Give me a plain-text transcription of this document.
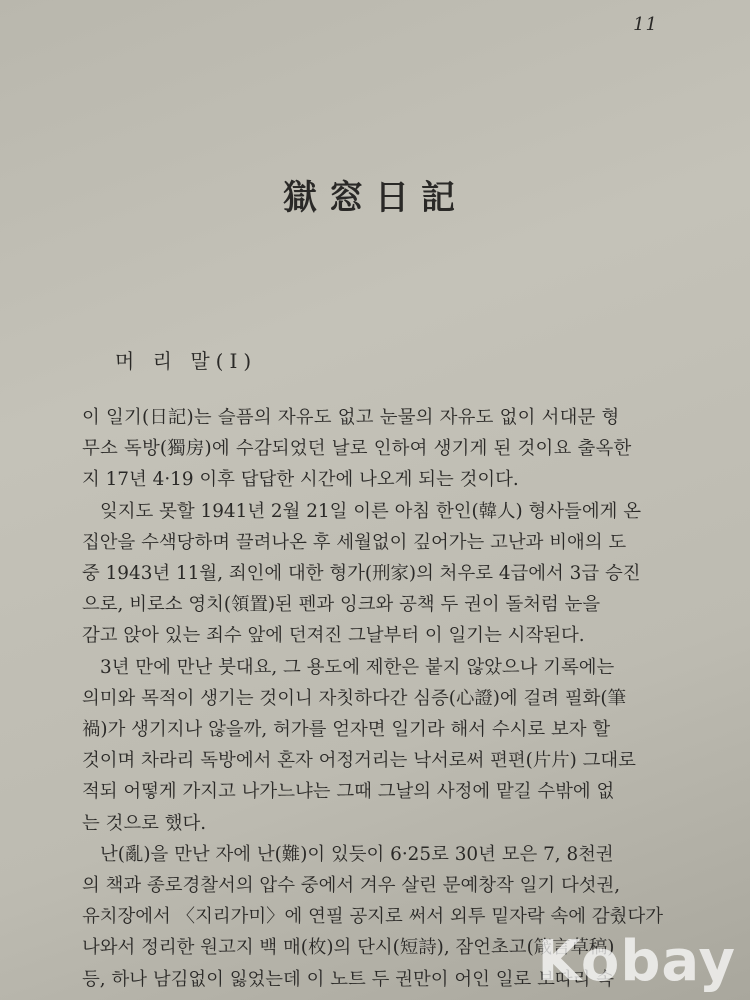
11
獄窓日記
머 리 말(I)
이 일기(日記)는 슬픔의 자유도 없고 눈물의 자유도 없이 서대문 형
무소 독방(獨房)에 수감되었던 날로 인하여 생기게 된 것이요 출옥한
지 17년 4·19 이후 답답한 시간에 나오게 되는 것이다.
잊지도 못할 1941년 2월 21일 이른 아침 한인(韓人) 형사들에게 온
집안을 수색당하며 끌려나온 후 세월없이 깊어가는 고난과 비애의 도
중 1943년 11월, 죄인에 대한 형가(刑家)의 처우로 4급에서 3급 승진
으로, 비로소 영치(領置)된 펜과 잉크와 공책 두 권이 돌처럼 눈을
감고 앉아 있는 죄수 앞에 던져진 그날부터 이 일기는 시작된다.
3년 만에 만난 붓대요, 그 용도에 제한은 붙지 않았으나 기록에는
의미와 목적이 생기는 것이니 자칫하다간 심증(心證)에 걸려 필화(筆
禍)가 생기지나 않을까, 허가를 얻자면 일기라 해서 수시로 보자 할
것이며 차라리 독방에서 혼자 어정거리는 낙서로써 편편(片片) 그대로
적되 어떻게 가지고 나가느냐는 그때 그날의 사정에 맡길 수밖에 없
는 것으로 했다.
난(亂)을 만난 자에 난(難)이 있듯이 6·25로 30년 모은 7, 8천권
의 책과 종로경찰서의 압수 중에서 겨우 살린 문예창작 일기 다섯권,
유치장에서 〈지리가미〉에 연필 공지로 써서 외투 밑자락 속에 감췄다가
나와서 정리한 원고지 백 매(枚)의 단시(短詩), 잠언초고(箴言草稿)
등, 하나 남김없이 잃었는데 이 노트 두 권만이 어인 일로 보따리 속
Kobay
